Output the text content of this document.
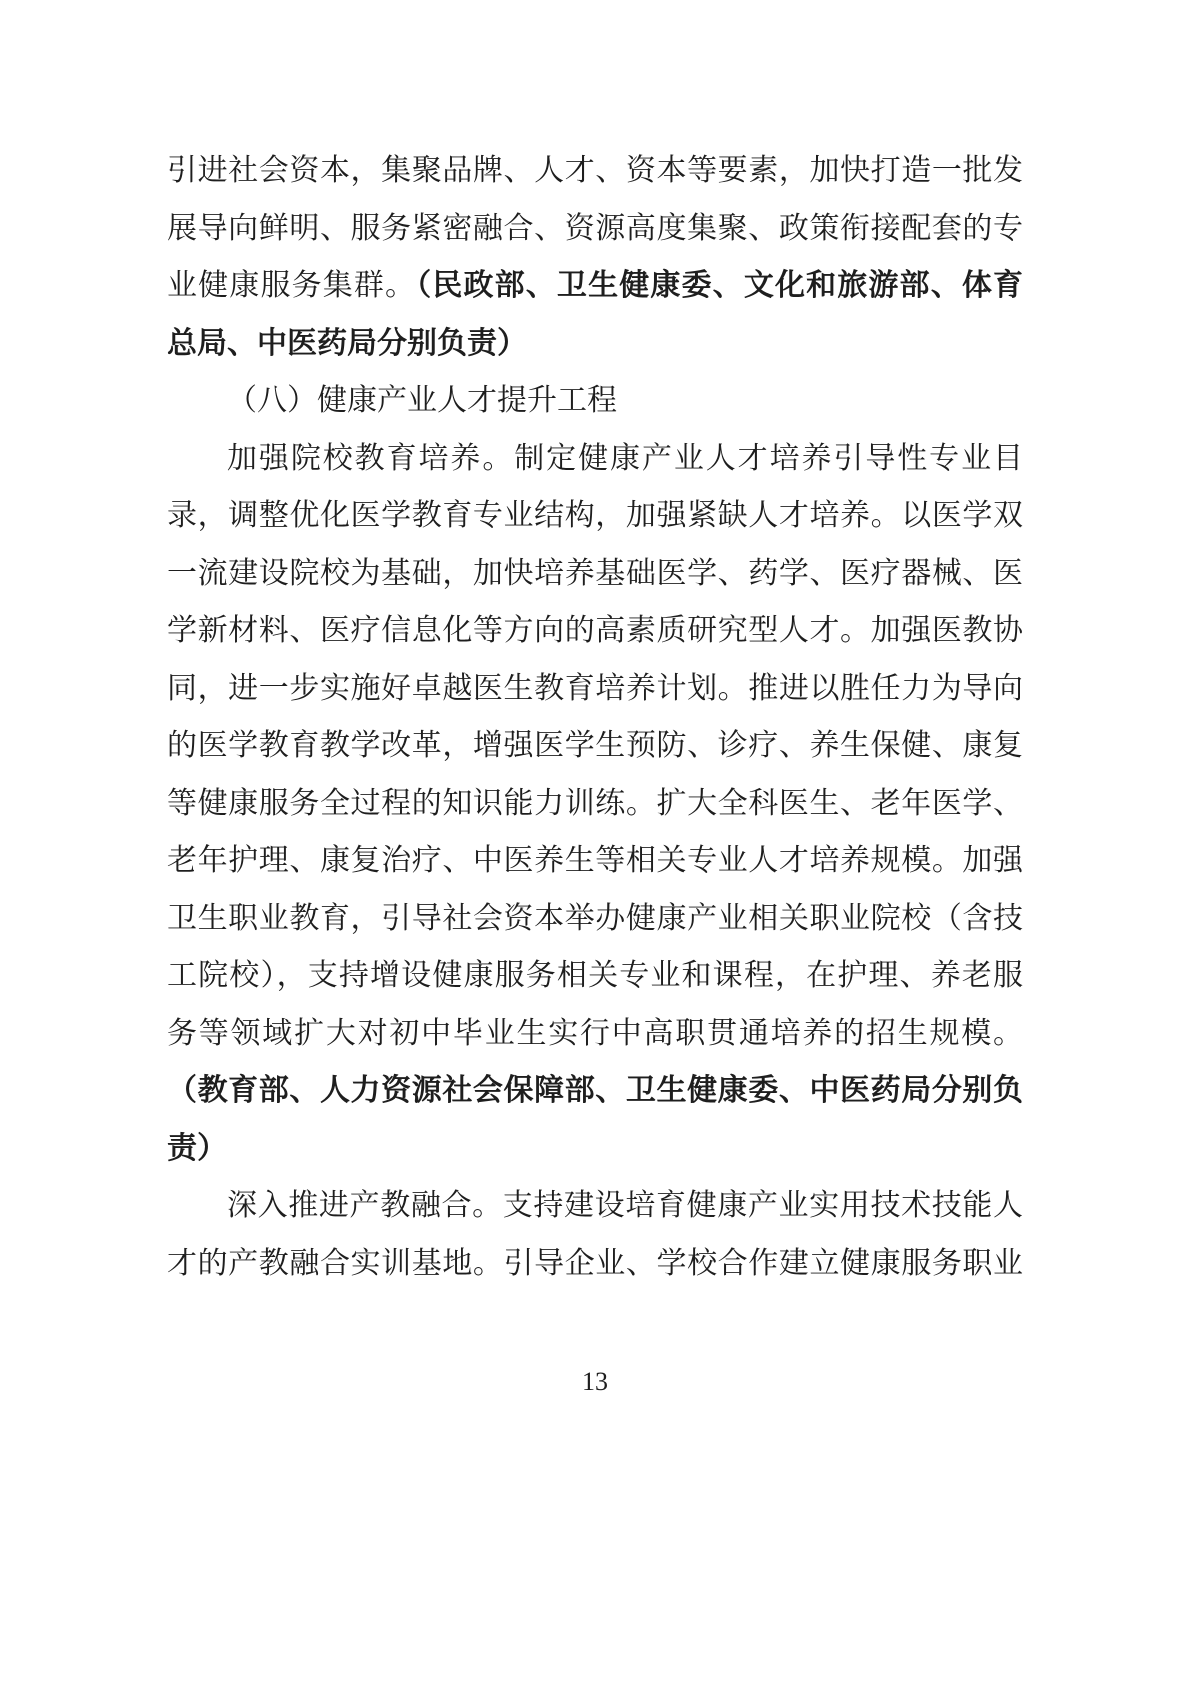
引进社会资本，集聚品牌、人才、资本等要素，加快打造一批发
展导向鲜明、服务紧密融合、资源高度集聚、政策衔接配套的专
业健康服务集群。（民政部、卫生健康委、文化和旅游部、体育
总局、中医药局分别负责）
（八）健康产业人才提升工程
加强院校教育培养。制定健康产业人才培养引导性专业目
录，调整优化医学教育专业结构，加强紧缺人才培养。以医学双
一流建设院校为基础，加快培养基础医学、药学、医疗器械、医
学新材料、医疗信息化等方向的高素质研究型人才。加强医教协
同，进一步实施好卓越医生教育培养计划。推进以胜任力为导向
的医学教育教学改革，增强医学生预防、诊疗、养生保健、康复
等健康服务全过程的知识能力训练。扩大全科医生、老年医学、
老年护理、康复治疗、中医养生等相关专业人才培养规模。加强
卫生职业教育，引导社会资本举办健康产业相关职业院校（含技
工院校），支持增设健康服务相关专业和课程，在护理、养老服
务等领域扩大对初中毕业生实行中高职贯通培养的招生规模。
（教育部、人力资源社会保障部、卫生健康委、中医药局分别负
责）
深入推进产教融合。支持建设培育健康产业实用技术技能人
才的产教融合实训基地。引导企业、学校合作建立健康服务职业
13
